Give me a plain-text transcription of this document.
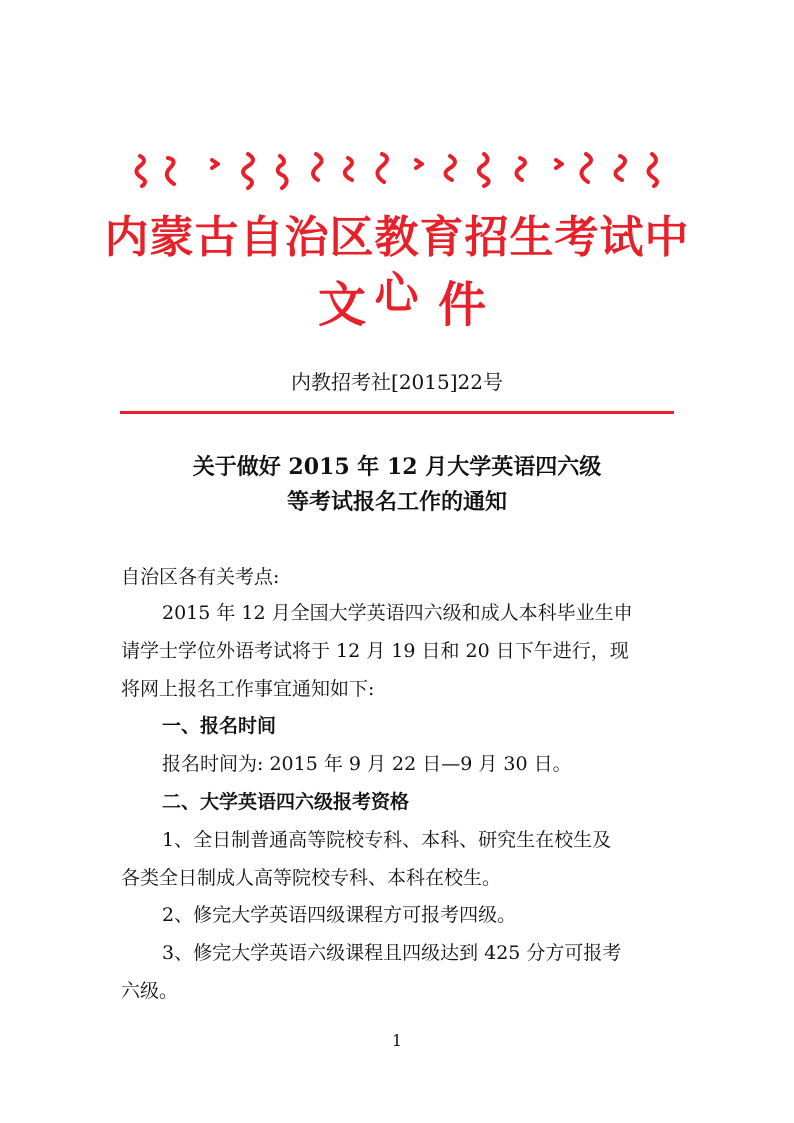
内蒙古自治区教育招生考试中心
文 件
内教招考社[2015]22号
关于做好 2015 年 12 月大学英语四六级
等考试报名工作的通知
自治区各有关考点:
2015 年 12 月全国大学英语四六级和成人本科毕业生申
请学士学位外语考试将于 12 月 19 日和 20 日下午进行，现
将网上报名工作事宜通知如下:
一、报名时间
报名时间为: 2015 年 9 月 22 日—9 月 30 日。
二、大学英语四六级报考资格
1、全日制普通高等院校专科、本科、研究生在校生及
各类全日制成人高等院校专科、本科在校生。
2、修完大学英语四级课程方可报考四级。
3、修完大学英语六级课程且四级达到 425 分方可报考
六级。
1
